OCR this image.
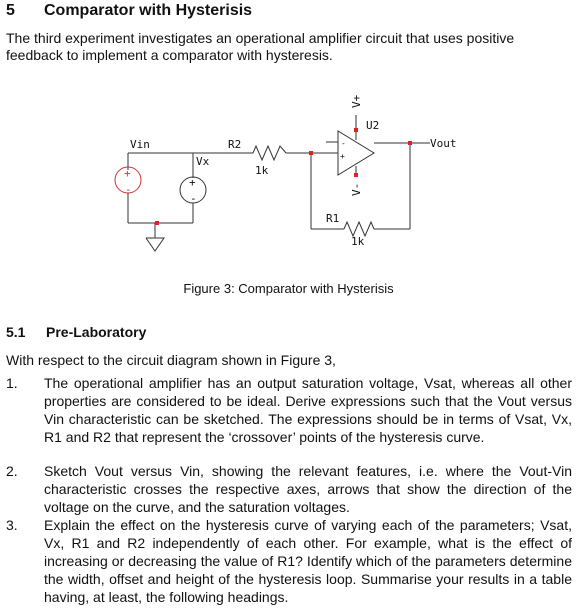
5 Comparator with Hysterisis
The third experiment investigates an operational amplifier circuit that uses positive feedback to implement a comparator with hysteresis.
+
-
+
-
-
+
Vin
Vx
R2
1k
R1
1k
U2
Vout
V+
V-
Figure 3: Comparator with Hysterisis
5.1 Pre-Laboratory
With respect to the circuit diagram shown in Figure 3,
1. The operational amplifier has an output saturation voltage, Vsat, whereas all other properties are considered to be ideal. Derive expressions such that the Vout versus Vin characteristic can be sketched. The expressions should be in terms of Vsat, Vx, R1 and R2 that represent the ‘crossover’ points of the hysteresis curve.
2. Sketch Vout versus Vin, showing the relevant features, i.e. where the Vout-Vin characteristic crosses the respective axes, arrows that show the direction of the voltage on the curve, and the saturation voltages.
3. Explain the effect on the hysteresis curve of varying each of the parameters; Vsat, Vx, R1 and R2 independently of each other. For example, what is the effect of increasing or decreasing the value of R1? Identify which of the parameters determine the width, offset and height of the hysteresis loop. Summarise your results in a table having, at least, the following headings.
